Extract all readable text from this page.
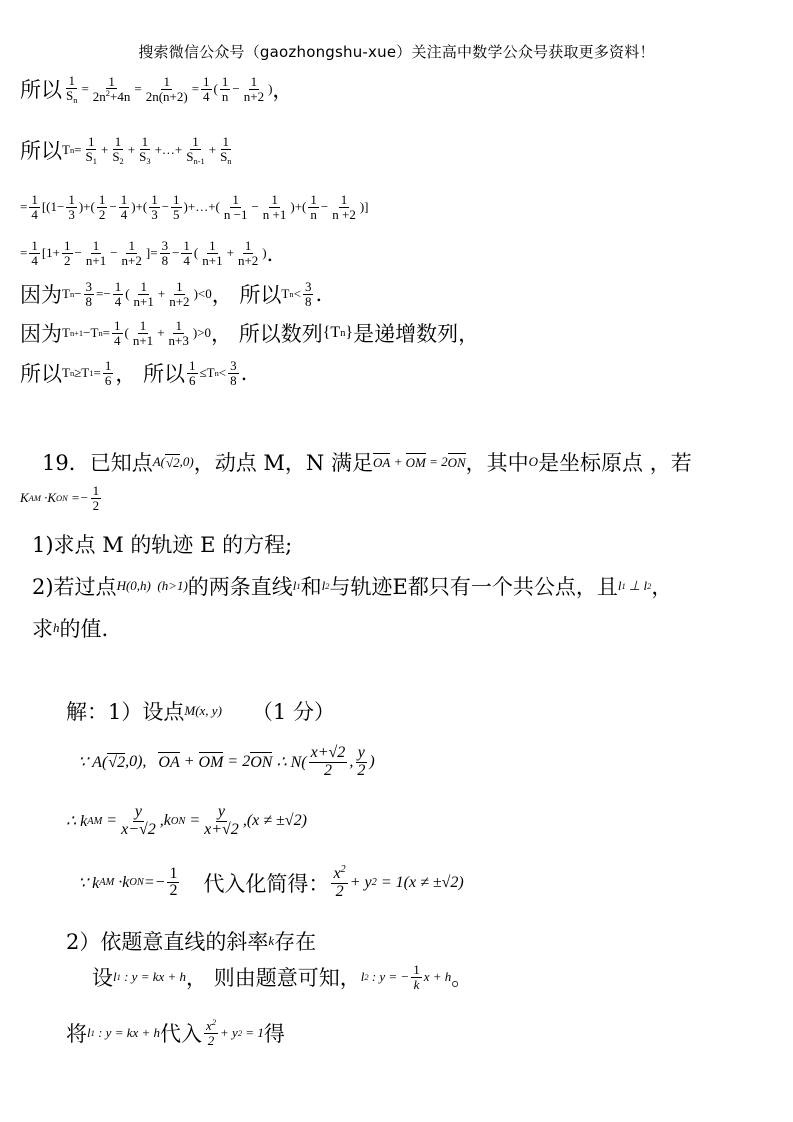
搜索微信公众号（gaozhongshu-xue）关注高中数学公众号获取更多资料！
所以 1
$S_n$
=
1
$2n^2+4n$
= 1
2n(n+2) = 1
4 ( 1
n − 1
n+2 ) ，
所以 T n =
1
$S_1$
+
1
$S_2$
+
1
$S_3$
+…+
1
$S_{n-1}$
+
1
$S_n$
= 1
4 [(1− 1
3 )+( 1
2 − 1
4 )+( 1
3 − 1
5 )+…+( 1
n −1 − 1
n +1 )+( 1
n − 1
n +2 )]
= 1
4 [1+ 1
2 − 1
n+1 − 1
n+2 ]= 3
8 − 1
4 ( 1
n+1 + 1
n+2 ) ．
因为 T n − 3
8 =− 1
4 ( 1
n+1 + 1
n+2 )<0 ， 所以 T n < 3
8 .
因为 T n+1 −T n = 1
4 ( 1
n+1 + 1
n+3 )>0 ， 所以数列 {T n } 是递增数列，
所以 T n ≥T 1 = 1
6 ， 所以 1
6 ≤T n < 3
8 .
19． 已知点 A( √ 2 ,0) ，动点 M，N 满足 OA + OM = 2 ON ，其中 O 是坐标原点 ，若
K AM ·K ON =− 1
2
1)求点 M 的轨迹 E 的方程;
2)若过点 H(0,h)  (h>1) 的两条直线 l 1 和 l 2 与轨迹E都只有一个共公点，且 l 1 ⊥ l 2 ，
求 h 的值.
解：1）设点 M(x, y) （1 分）
∵ A( √ 2 ,0), OA + OM = 2 ON ∴ N(
x+√2
2 ,
y
2 )
∴ k AM =
y
x−√2 ,k ON =
y
x+√2 ,(x ≠ ±√2)
∵ k AM ·k ON =−
1
2 代入化简得： $x^2$
2
+ y 2 = 1(x ≠ ±√2)
2）依题意直线的斜率 k 存在
设 l 1 : y = kx + h ， 则由题意可知， l 2 : y = − 1
k x + h 。
将 l 1 : y = kx + h 代入 $x^2$
2
+ y 2 = 1 得
